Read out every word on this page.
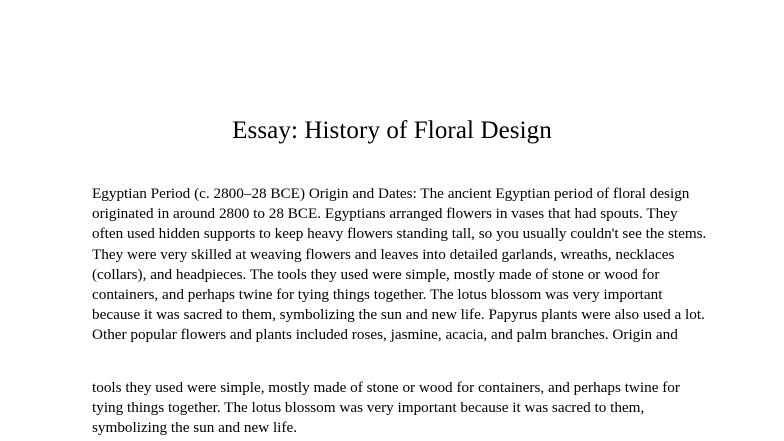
Essay: History of Floral Design

Egyptian Period (c. 2800–28 BCE) Origin and Dates: The ancient Egyptian period of floral design originated in around 2800 to 28 BCE. Egyptians arranged flowers in vases that had spouts. They often used hidden supports to keep heavy flowers standing tall, so you usually couldn't see the stems. They were very skilled at weaving flowers and leaves into detailed garlands, wreaths, necklaces (collars), and headpieces. The tools they used were simple, mostly made of stone or wood for containers, and perhaps twine for tying things together. The lotus blossom was very important because it was sacred to them, symbolizing the sun and new life. Papyrus plants were also used a lot. Other popular flowers and plants included roses, jasmine, acacia, and palm branches. Origin and

tools they used were simple, mostly made of stone or wood for containers, and perhaps twine for tying things together. The lotus blossom was very important because it was sacred to them, symbolizing the sun and new life.
